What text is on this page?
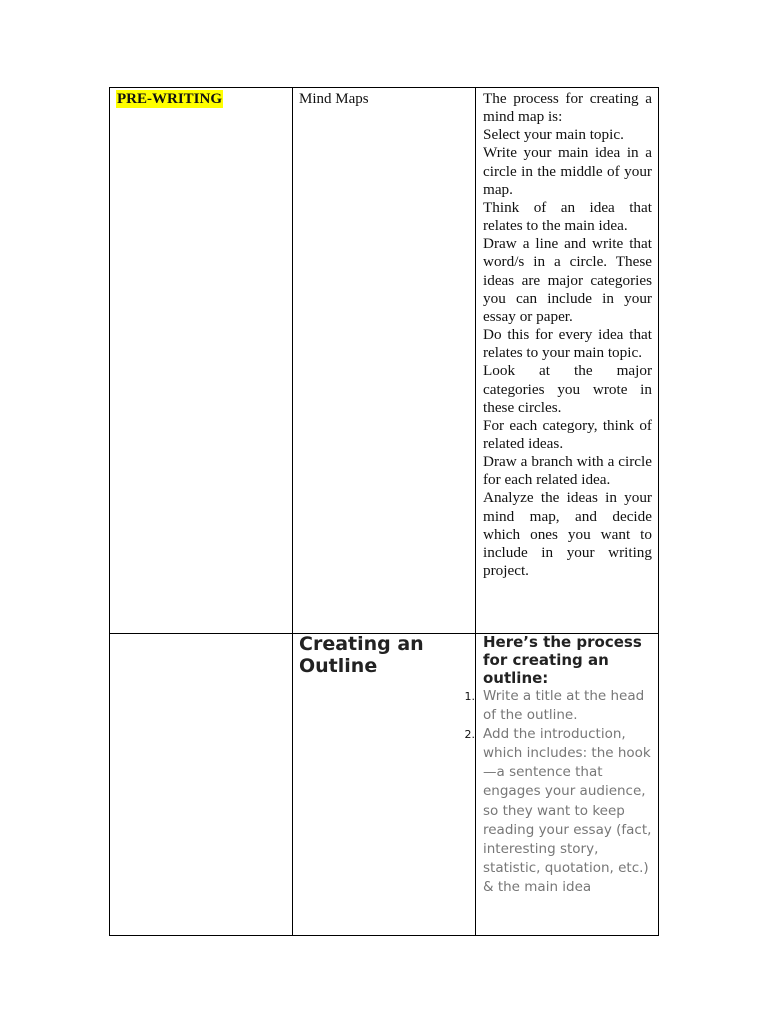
PRE-WRITING	Mind Maps	The process for creating a mind map is:

Select your main topic.

Write your main idea in a circle in the middle of your map.

Think of an idea that relates to the main idea.

Draw a line and write that word/s in a circle. These ideas are major categories you can include in your essay or paper.

Do this for every idea that relates to your main topic.

Look at the major categories you wrote in these circles.

For each category, think of related ideas.

Draw a branch with a circle for each related idea.

Analyze the ideas in your mind map, and decide which ones you want to include in your writing project.

Creating an Outline
Here’s the process for creating an outline:
1. Write a title at the head of the outline.
2. Add the introduction, which includes: the hook—a sentence that engages your audience, so they want to keep reading your essay (fact, interesting story, statistic, quotation, etc.) & the main idea
